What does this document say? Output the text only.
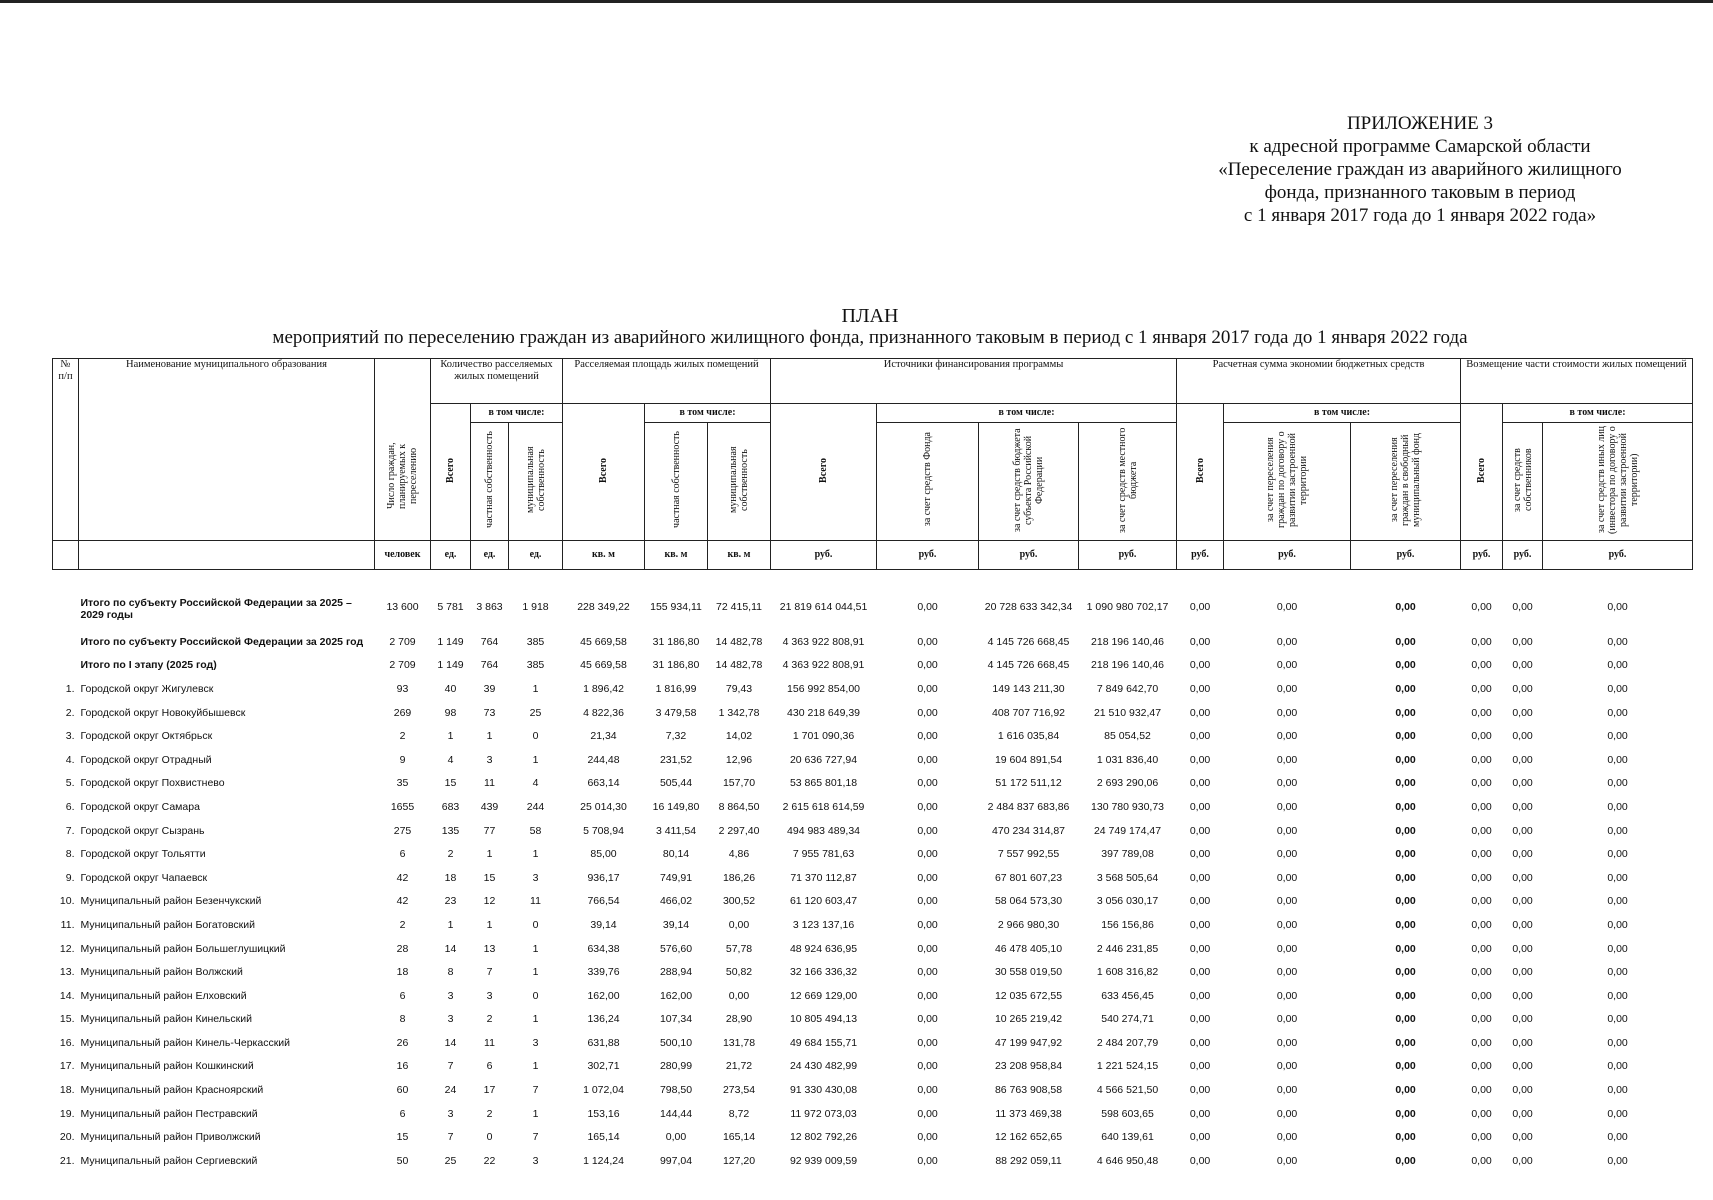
ПРИЛОЖЕНИЕ 3
к адресной программе Самарской области
«Переселение граждан из аварийного жилищного
фонда, признанного таковым в период
с 1 января 2017 года до 1 января 2022 года»
ПЛАН
мероприятий по переселению граждан из аварийного жилищного фонда, признанного таковым в период с 1 января 2017 года до 1 января 2022 года
№ п/п	Наименование муниципального образования	Число граждан, планируемых к переселению	Количество расселяемых жилых помещений			Расселяемая площадь жилых помещений			Источники финансирования программы				Расчетная сумма экономии бюджетных средств			Возмещение части стоимости жилых помещений		
			Всего	в том числе:		Всего	в том числе:		Всего	в том числе:			Всего	в том числе:		Всего	в том числе:	
				частная собственность	муниципальная собственность		частная собственность	муниципальная собственность		за счет средств Фонда	за счет средств бюджета субъекта Российской Федерации	за счет средств местного бюджета		за счет переселения граждан по договору о развитии застроенной территории	за счет переселения граждан в свободный муниципальный фонд		за счет средств собственников	за счет средств иных лиц (инвестора по договору о развитии застроенной территории)
		человек	ед.	ед.	ед.	кв. м	кв. м	кв. м	руб.	руб.	руб.	руб.	руб.	руб.	руб.	руб.	руб.	руб.
	Итого по субъекту Российской Федерации за 2025 – 2029 годы	13 600	5 781	3 863	1 918	228 349,22	155 934,11	72 415,11	21 819 614 044,51	0,00	20 728 633 342,34	1 090 980 702,17	0,00	0,00	0,00	0,00	0,00	0,00
	Итого по субъекту Российской Федерации за 2025 год	2 709	1 149	764	385	45 669,58	31 186,80	14 482,78	4 363 922 808,91	0,00	4 145 726 668,45	218 196 140,46	0,00	0,00	0,00	0,00	0,00	0,00
	Итого по I этапу (2025 год)	2 709	1 149	764	385	45 669,58	31 186,80	14 482,78	4 363 922 808,91	0,00	4 145 726 668,45	218 196 140,46	0,00	0,00	0,00	0,00	0,00	0,00
1.	Городской округ Жигулевск	93	40	39	1	1 896,42	1 816,99	79,43	156 992 854,00	0,00	149 143 211,30	7 849 642,70	0,00	0,00	0,00	0,00	0,00	0,00
2.	Городской округ Новокуйбышевск	269	98	73	25	4 822,36	3 479,58	1 342,78	430 218 649,39	0,00	408 707 716,92	21 510 932,47	0,00	0,00	0,00	0,00	0,00	0,00
3.	Городской округ Октябрьск	2	1	1	0	21,34	7,32	14,02	1 701 090,36	0,00	1 616 035,84	85 054,52	0,00	0,00	0,00	0,00	0,00	0,00
4.	Городской округ Отрадный	9	4	3	1	244,48	231,52	12,96	20 636 727,94	0,00	19 604 891,54	1 031 836,40	0,00	0,00	0,00	0,00	0,00	0,00
5.	Городской округ Похвистнево	35	15	11	4	663,14	505,44	157,70	53 865 801,18	0,00	51 172 511,12	2 693 290,06	0,00	0,00	0,00	0,00	0,00	0,00
6.	Городской округ Самара	1655	683	439	244	25 014,30	16 149,80	8 864,50	2 615 618 614,59	0,00	2 484 837 683,86	130 780 930,73	0,00	0,00	0,00	0,00	0,00	0,00
7.	Городской округ Сызрань	275	135	77	58	5 708,94	3 411,54	2 297,40	494 983 489,34	0,00	470 234 314,87	24 749 174,47	0,00	0,00	0,00	0,00	0,00	0,00
8.	Городской округ Тольятти	6	2	1	1	85,00	80,14	4,86	7 955 781,63	0,00	7 557 992,55	397 789,08	0,00	0,00	0,00	0,00	0,00	0,00
9.	Городской округ Чапаевск	42	18	15	3	936,17	749,91	186,26	71 370 112,87	0,00	67 801 607,23	3 568 505,64	0,00	0,00	0,00	0,00	0,00	0,00
10.	Муниципальный район Безенчукский	42	23	12	11	766,54	466,02	300,52	61 120 603,47	0,00	58 064 573,30	3 056 030,17	0,00	0,00	0,00	0,00	0,00	0,00
11.	Муниципальный район Богатовский	2	1	1	0	39,14	39,14	0,00	3 123 137,16	0,00	2 966 980,30	156 156,86	0,00	0,00	0,00	0,00	0,00	0,00
12.	Муниципальный район Большеглушицкий	28	14	13	1	634,38	576,60	57,78	48 924 636,95	0,00	46 478 405,10	2 446 231,85	0,00	0,00	0,00	0,00	0,00	0,00
13.	Муниципальный район Волжский	18	8	7	1	339,76	288,94	50,82	32 166 336,32	0,00	30 558 019,50	1 608 316,82	0,00	0,00	0,00	0,00	0,00	0,00
14.	Муниципальный район Елховский	6	3	3	0	162,00	162,00	0,00	12 669 129,00	0,00	12 035 672,55	633 456,45	0,00	0,00	0,00	0,00	0,00	0,00
15.	Муниципальный район Кинельский	8	3	2	1	136,24	107,34	28,90	10 805 494,13	0,00	10 265 219,42	540 274,71	0,00	0,00	0,00	0,00	0,00	0,00
16.	Муниципальный район Кинель-Черкасский	26	14	11	3	631,88	500,10	131,78	49 684 155,71	0,00	47 199 947,92	2 484 207,79	0,00	0,00	0,00	0,00	0,00	0,00
17.	Муниципальный район Кошкинский	16	7	6	1	302,71	280,99	21,72	24 430 482,99	0,00	23 208 958,84	1 221 524,15	0,00	0,00	0,00	0,00	0,00	0,00
18.	Муниципальный район Красноярский	60	24	17	7	1 072,04	798,50	273,54	91 330 430,08	0,00	86 763 908,58	4 566 521,50	0,00	0,00	0,00	0,00	0,00	0,00
19.	Муниципальный район Пестравский	6	3	2	1	153,16	144,44	8,72	11 972 073,03	0,00	11 373 469,38	598 603,65	0,00	0,00	0,00	0,00	0,00	0,00
20.	Муниципальный район Приволжский	15	7	0	7	165,14	0,00	165,14	12 802 792,26	0,00	12 162 652,65	640 139,61	0,00	0,00	0,00	0,00	0,00	0,00
21.	Муниципальный район Сергиевский	50	25	22	3	1 124,24	997,04	127,20	92 939 009,59	0,00	88 292 059,11	4 646 950,48	0,00	0,00	0,00	0,00	0,00	0,00
